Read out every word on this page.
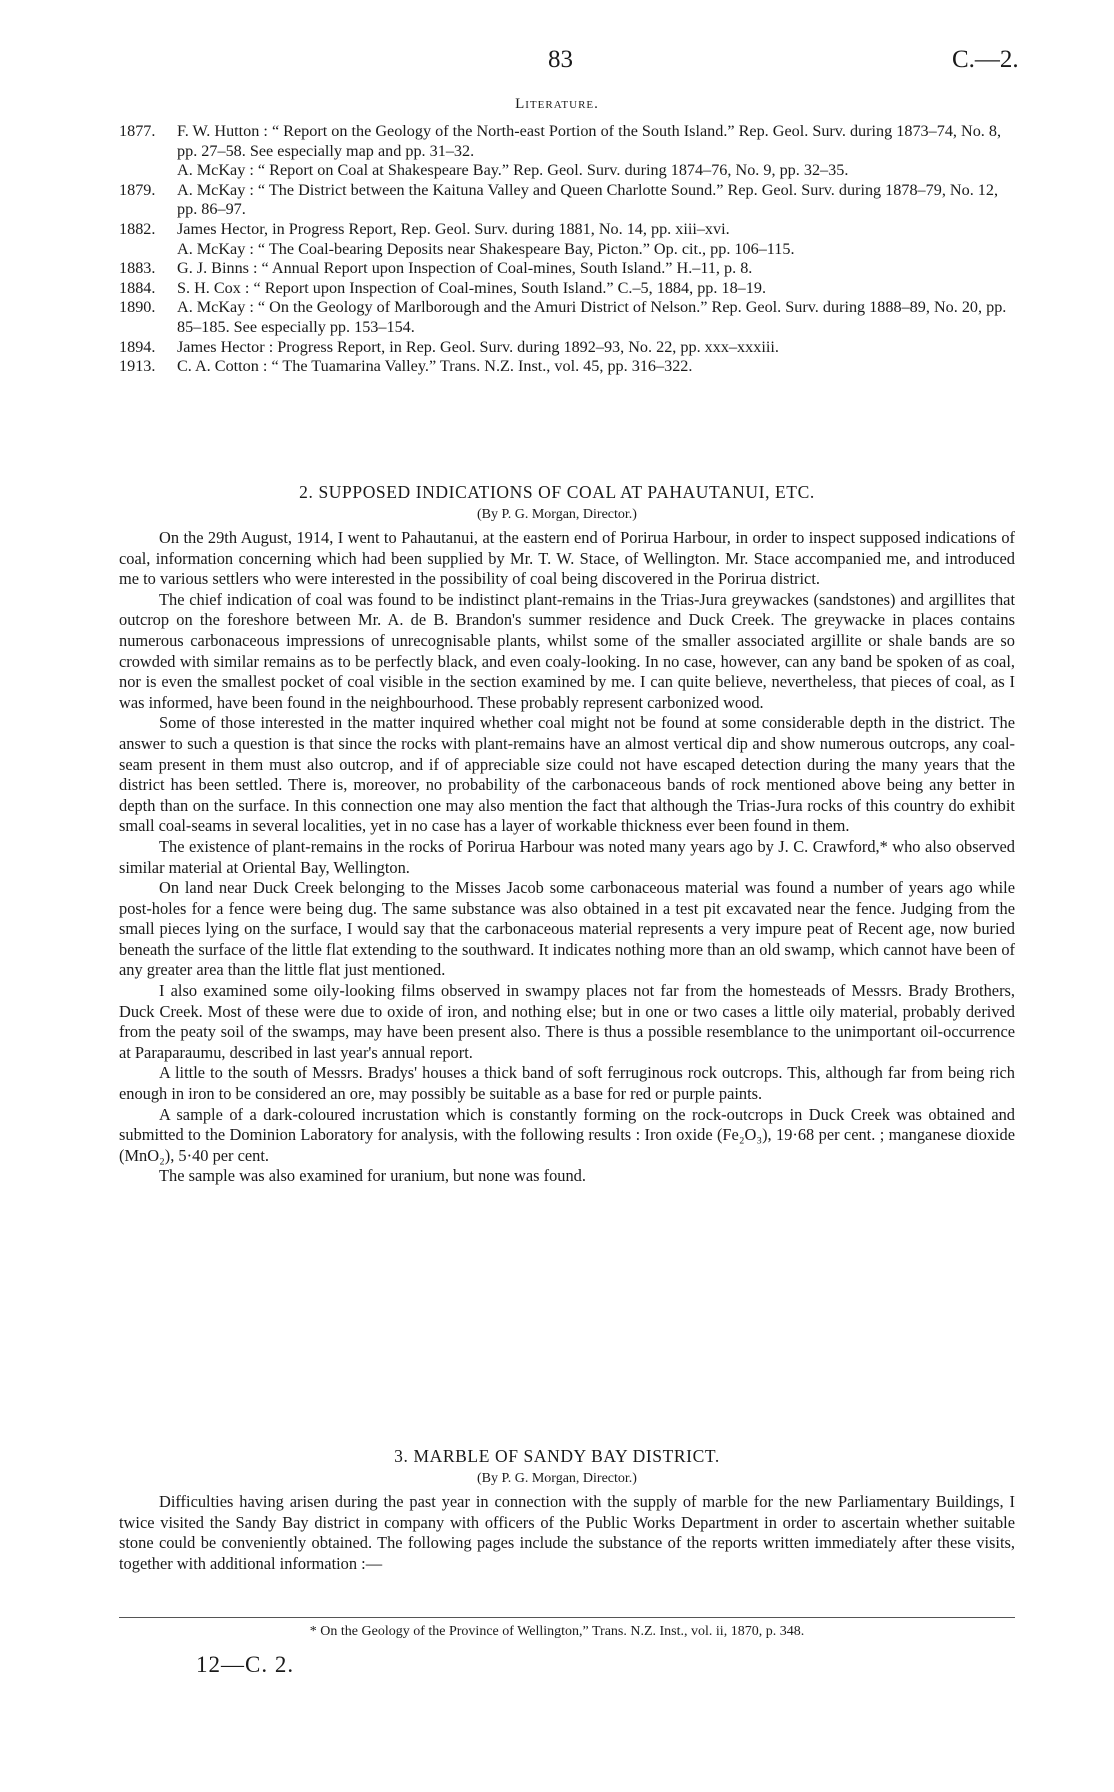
83	C.—2.
Literature.
1877. F. W. Hutton : “ Report on the Geology of the North-east Portion of the South Island.” Rep. Geol. Surv. during 1873–74, No. 8, pp. 27–58. See especially map and pp. 31–32.
A. McKay : “ Report on Coal at Shakespeare Bay.” Rep. Geol. Surv. during 1874–76, No. 9, pp. 32–35.
1879. A. McKay : “ The District between the Kaituna Valley and Queen Charlotte Sound.” Rep. Geol. Surv. during 1878–79, No. 12, pp. 86–97.
1882. James Hector, in Progress Report, Rep. Geol. Surv. during 1881, No. 14, pp. xiii–xvi.
A. McKay : “ The Coal-bearing Deposits near Shakespeare Bay, Picton.” Op. cit., pp. 106–115.
1883. G. J. Binns : “ Annual Report upon Inspection of Coal-mines, South Island.” H.–11, p. 8.
1884. S. H. Cox : “ Report upon Inspection of Coal-mines, South Island.” C.–5, 1884, pp. 18–19.
1890. A. McKay : “ On the Geology of Marlborough and the Amuri District of Nelson.” Rep. Geol. Surv. during 1888–89, No. 20, pp. 85–185. See especially pp. 153–154.
1894. James Hector : Progress Report, in Rep. Geol. Surv. during 1892–93, No. 22, pp. xxx–xxxiii.
1913. C. A. Cotton : “ The Tuamarina Valley.” Trans. N.Z. Inst., vol. 45, pp. 316–322.
2. SUPPOSED INDICATIONS OF COAL AT PAHAUTANUI, ETC.
(By P. G. Morgan, Director.)

On the 29th August, 1914, I went to Pahautanui, at the eastern end of Porirua Harbour, in order to inspect supposed indications of coal, information concerning which had been supplied by Mr. T. W. Stace, of Wellington. Mr. Stace accompanied me, and introduced me to various settlers who were interested in the possibility of coal being discovered in the Porirua district.

The chief indication of coal was found to be indistinct plant-remains in the Trias-Jura greywackes (sandstones) and argillites that outcrop on the foreshore between Mr. A. de B. Brandon's summer residence and Duck Creek. The greywacke in places contains numerous carbonaceous impressions of unrecognisable plants, whilst some of the smaller associated argillite or shale bands are so crowded with similar remains as to be perfectly black, and even coaly-looking. In no case, however, can any band be spoken of as coal, nor is even the smallest pocket of coal visible in the section examined by me. I can quite believe, nevertheless, that pieces of coal, as I was informed, have been found in the neighbourhood. These probably represent carbonized wood.

Some of those interested in the matter inquired whether coal might not be found at some considerable depth in the district. The answer to such a question is that since the rocks with plant-remains have an almost vertical dip and show numerous outcrops, any coal-seam present in them must also outcrop, and if of appreciable size could not have escaped detection during the many years that the district has been settled. There is, moreover, no probability of the carbonaceous bands of rock mentioned above being any better in depth than on the surface. In this connection one may also mention the fact that although the Trias-Jura rocks of this country do exhibit small coal-seams in several localities, yet in no case has a layer of workable thickness ever been found in them.

The existence of plant-remains in the rocks of Porirua Harbour was noted many years ago by J. C. Crawford,* who also observed similar material at Oriental Bay, Wellington.

On land near Duck Creek belonging to the Misses Jacob some carbonaceous material was found a number of years ago while post-holes for a fence were being dug. The same substance was also obtained in a test pit excavated near the fence. Judging from the small pieces lying on the surface, I would say that the carbonaceous material represents a very impure peat of Recent age, now buried beneath the surface of the little flat extending to the southward. It indicates nothing more than an old swamp, which cannot have been of any greater area than the little flat just mentioned.

I also examined some oily-looking films observed in swampy places not far from the homesteads of Messrs. Brady Brothers, Duck Creek. Most of these were due to oxide of iron, and nothing else; but in one or two cases a little oily material, probably derived from the peaty soil of the swamps, may have been present also. There is thus a possible resemblance to the unimportant oil-occurrence at Paraparaumu, described in last year's annual report.

A little to the south of Messrs. Bradys' houses a thick band of soft ferruginous rock outcrops. This, although far from being rich enough in iron to be considered an ore, may possibly be suitable as a base for red or purple paints.

A sample of a dark-coloured incrustation which is constantly forming on the rock-outcrops in Duck Creek was obtained and submitted to the Dominion Laboratory for analysis, with the following results : Iron oxide (Fe₂O₃), 19·68 per cent. ; manganese dioxide (MnO₂), 5·40 per cent.

The sample was also examined for uranium, but none was found.

3. MARBLE OF SANDY BAY DISTRICT.
(By P. G. Morgan, Director.)

Difficulties having arisen during the past year in connection with the supply of marble for the new Parliamentary Buildings, I twice visited the Sandy Bay district in company with officers of the Public Works Department in order to ascertain whether suitable stone could be conveniently obtained. The following pages include the substance of the reports written immediately after these visits, together with additional information :—

* On the Geology of the Province of Wellington,” Trans. N.Z. Inst., vol. ii, 1870, p. 348.
12—C. 2.
